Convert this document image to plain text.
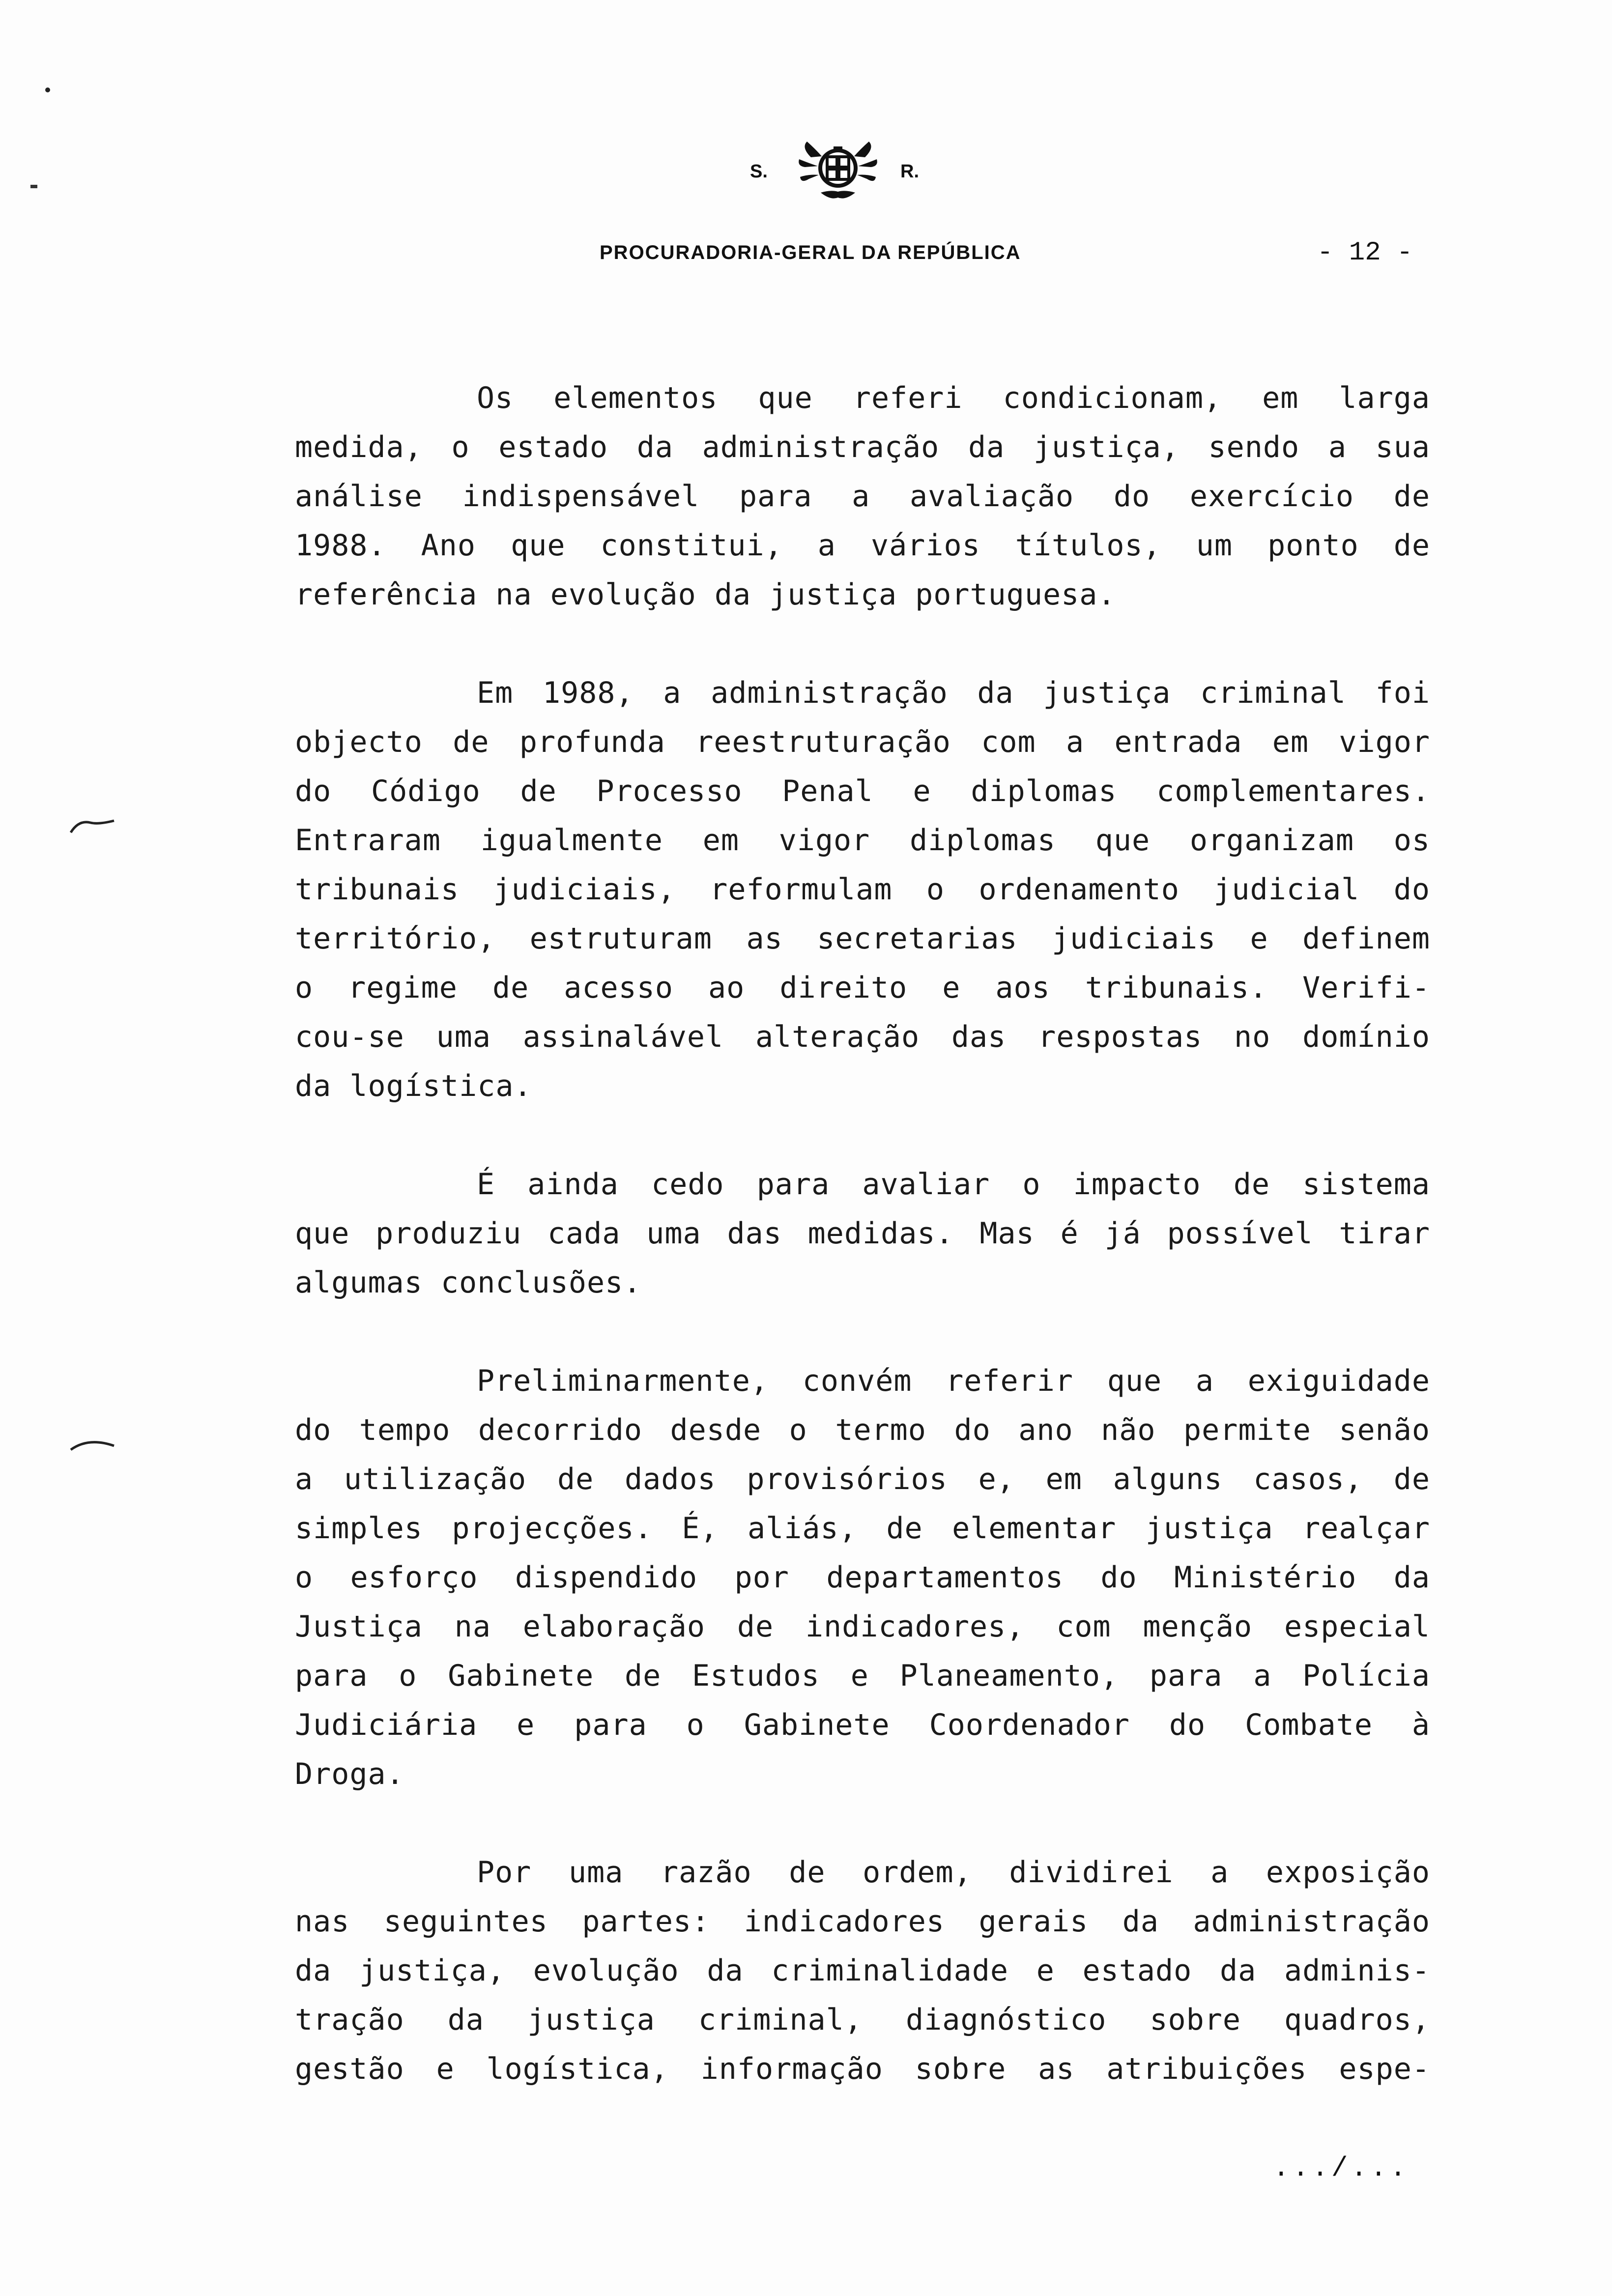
S.	R.
PROCURADORIA-GERAL DA REPÚBLICA	- 12 -
Os elementos que referi condicionam, em larga
medida, o estado da administração da justiça, sendo a sua
análise indispensável para a avaliação do exercício de
1988. Ano que constitui, a vários títulos, um ponto de
referência na evolução da justiça portuguesa.
Em 1988, a administração da justiça criminal foi
objecto de profunda reestruturação com a entrada em vigor
do Código de Processo Penal e diplomas complementares.
Entraram igualmente em vigor diplomas que organizam os
tribunais judiciais, reformulam o ordenamento judicial do
território, estruturam as secretarias judiciais e definem
o regime de acesso ao direito e aos tribunais. Verifi-
cou-se uma assinalável alteração das respostas no domínio
da logística.
É ainda cedo para avaliar o impacto de sistema
que produziu cada uma das medidas. Mas é já possível tirar
algumas conclusões.
Preliminarmente, convém referir que a exiguidade
do tempo decorrido desde o termo do ano não permite senão
a utilização de dados provisórios e, em alguns casos, de
simples projecções. É, aliás, de elementar justiça realçar
o esforço dispendido por departamentos do Ministério da
Justiça na elaboração de indicadores, com menção especial
para o Gabinete de Estudos e Planeamento, para a Polícia
Judiciária e para o Gabinete Coordenador do Combate à
Droga.
Por uma razão de ordem, dividirei a exposição
nas seguintes partes: indicadores gerais da administração
da justiça, evolução da criminalidade e estado da adminis-
tração da justiça criminal, diagnóstico sobre quadros,
gestão e logística, informação sobre as atribuições espe-
.../...
